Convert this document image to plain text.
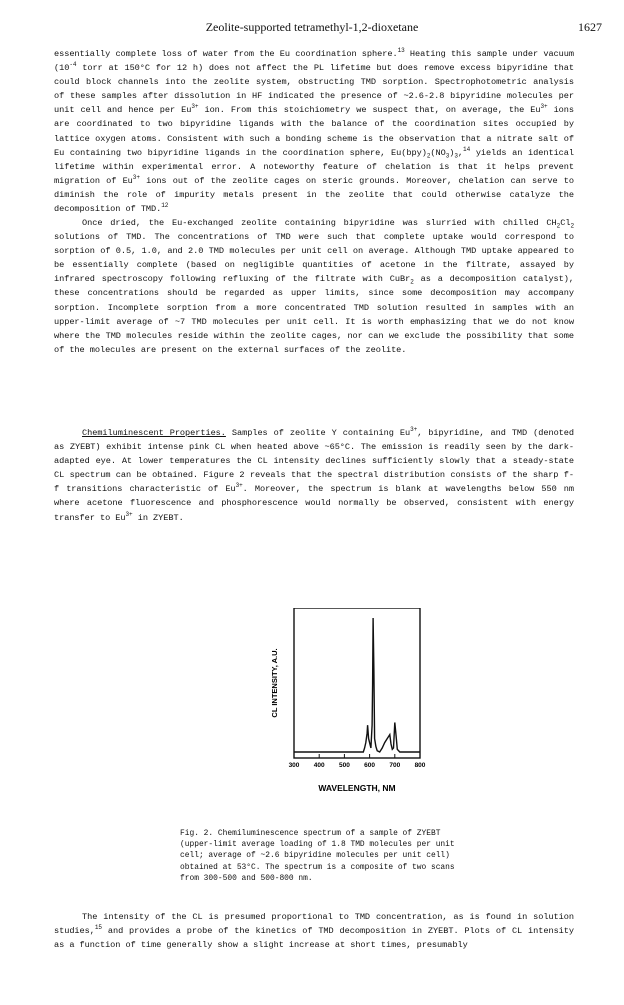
Zeolite-supported tetramethyl-1,2-dioxetane	1627

essentially complete loss of water from the Eu coordination sphere.$^{13}$ Heating this sample under vacuum ($10^{-4}$ torr at 150°C for 12 h) does not affect the PL lifetime but does remove excess bipyridine that could block channels into the zeolite system, obstructing TMD sorption. Spectrophotometric analysis of these samples after dissolution in HF indicated the presence of ~2.6-2.8 bipyridine molecules per unit cell and hence per $Eu^{3+}$ ion. From this stoichiometry we suspect that, on average, the $Eu^{3+}$ ions are coordinated to two bipyridine ligands with the balance of the coordination sites occupied by lattice oxygen atoms. Consistent with such a bonding scheme is the observation that a nitrate salt of Eu containing two bipyridine ligands in the coordination sphere, $Eu(bpy)_2(NO_3)_3,^{14}$ yields an identical lifetime within experimental error. A noteworthy feature of chelation is that it helps prevent migration of $Eu^{3+}$ ions out of the zeolite cages on steric grounds. Moreover, chelation can serve to diminish the role of impurity metals present in the zeolite that could otherwise catalyze the decomposition of TMD.$^{12}$

Once dried, the Eu-exchanged zeolite containing bipyridine was slurried with chilled $CH_2Cl_2$ solutions of TMD. The concentrations of TMD were such that complete uptake would correspond to sorption of 0.5, 1.0, and 2.0 TMD molecules per unit cell on average. Although TMD uptake appeared to be essentially complete (based on negligible quantities of acetone in the filtrate, assayed by infrared spectroscopy following refluxing of the filtrate with CuBr$_2$ as a decomposition catalyst), these concentrations should be regarded as upper limits, since some decomposition may accompany sorption. Incomplete sorption from a more concentrated TMD solution resulted in samples with an upper-limit average of ~7 TMD molecules per unit cell. It is worth emphasizing that we do not know where the TMD molecules reside within the zeolite cages, nor can we exclude the possibility that some of the molecules are present on the external surfaces of the zeolite.

Chemiluminescent Properties. Samples of zeolite Y containing $Eu^{3+}$, bipyridine, and TMD (denoted as ZYEBT) exhibit intense pink CL when heated above ~65°C. The emission is readily seen by the dark-adapted eye. At lower temperatures the CL intensity declines sufficiently slowly that a steady-state CL spectrum can be obtained. Figure 2 reveals that the spectral distribution consists of the sharp f-f transitions characteristic of $Eu^{3+}$. Moreover, the spectrum is blank at wavelengths below 550 nm where acetone fluorescence and phosphorescence would normally be observed, consistent with energy transfer to $Eu^{3+}$ in ZYEBT.

300 400 500 600 700 800
WAVELENGTH, NM
CL INTENSITY, A.U.

Fig. 2. Chemiluminescence spectrum of a sample of ZYEBT (upper-limit average loading of 1.8 TMD molecules per unit cell; average of ~2.6 bipyridine molecules per unit cell) obtained at 53°C. The spectrum is a composite of two scans from 300-500 and 500-800 nm.

The intensity of the CL is presumed proportional to TMD concentration, as is found in solution studies,$^{15}$ and provides a probe of the kinetics of TMD decomposition in ZYEBT. Plots of CL intensity as a function of time generally show a slight increase at short times, presumably
